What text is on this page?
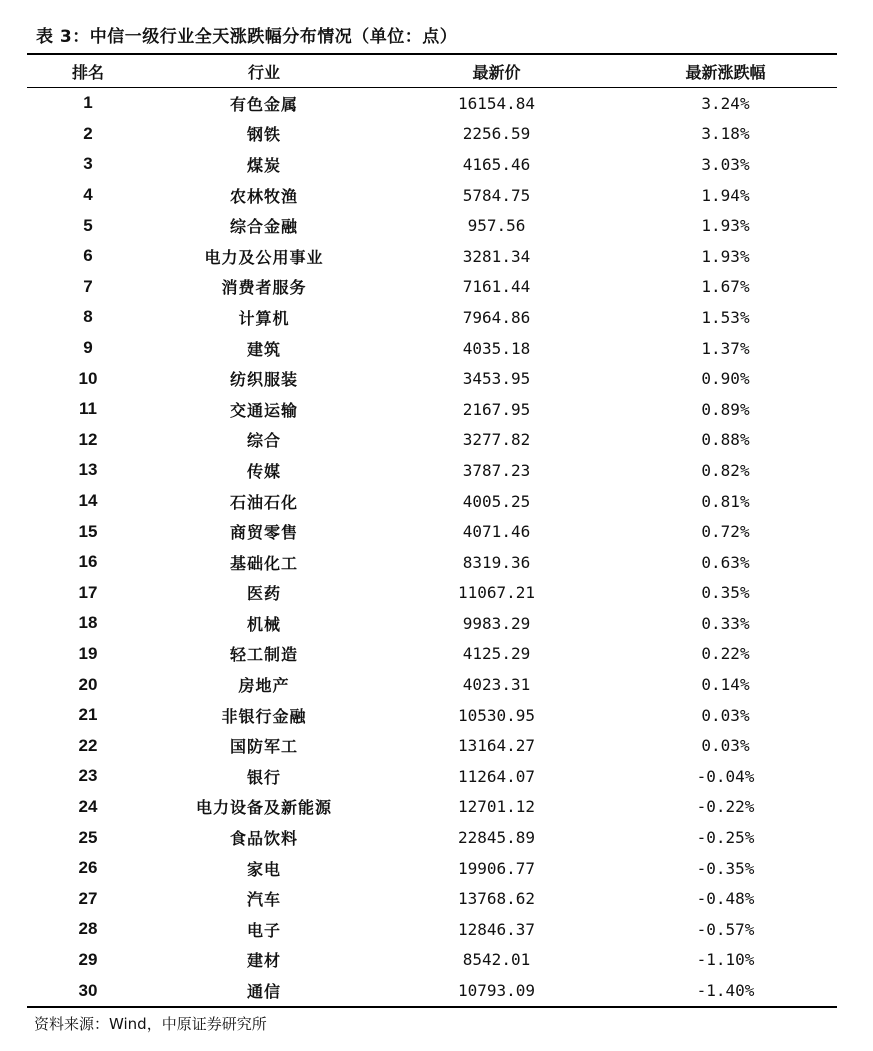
表 3：中信一级行业全天涨跌幅分布情况（单位：点）
排名	行业	最新价	最新涨跌幅
1	有色金属	16154.84	3.24%
2	钢铁	2256.59	3.18%
3	煤炭	4165.46	3.03%
4	农林牧渔	5784.75	1.94%
5	综合金融	957.56	1.93%
6	电力及公用事业	3281.34	1.93%
7	消费者服务	7161.44	1.67%
8	计算机	7964.86	1.53%
9	建筑	4035.18	1.37%
10	纺织服装	3453.95	0.90%
11	交通运输	2167.95	0.89%
12	综合	3277.82	0.88%
13	传媒	3787.23	0.82%
14	石油石化	4005.25	0.81%
15	商贸零售	4071.46	0.72%
16	基础化工	8319.36	0.63%
17	医药	11067.21	0.35%
18	机械	9983.29	0.33%
19	轻工制造	4125.29	0.22%
20	房地产	4023.31	0.14%
21	非银行金融	10530.95	0.03%
22	国防军工	13164.27	0.03%
23	银行	11264.07	-0.04%
24	电力设备及新能源	12701.12	-0.22%
25	食品饮料	22845.89	-0.25%
26	家电	19906.77	-0.35%
27	汽车	13768.62	-0.48%
28	电子	12846.37	-0.57%
29	建材	8542.01	-1.10%
30	通信	10793.09	-1.40%
资料来源：Wind，中原证券研究所
